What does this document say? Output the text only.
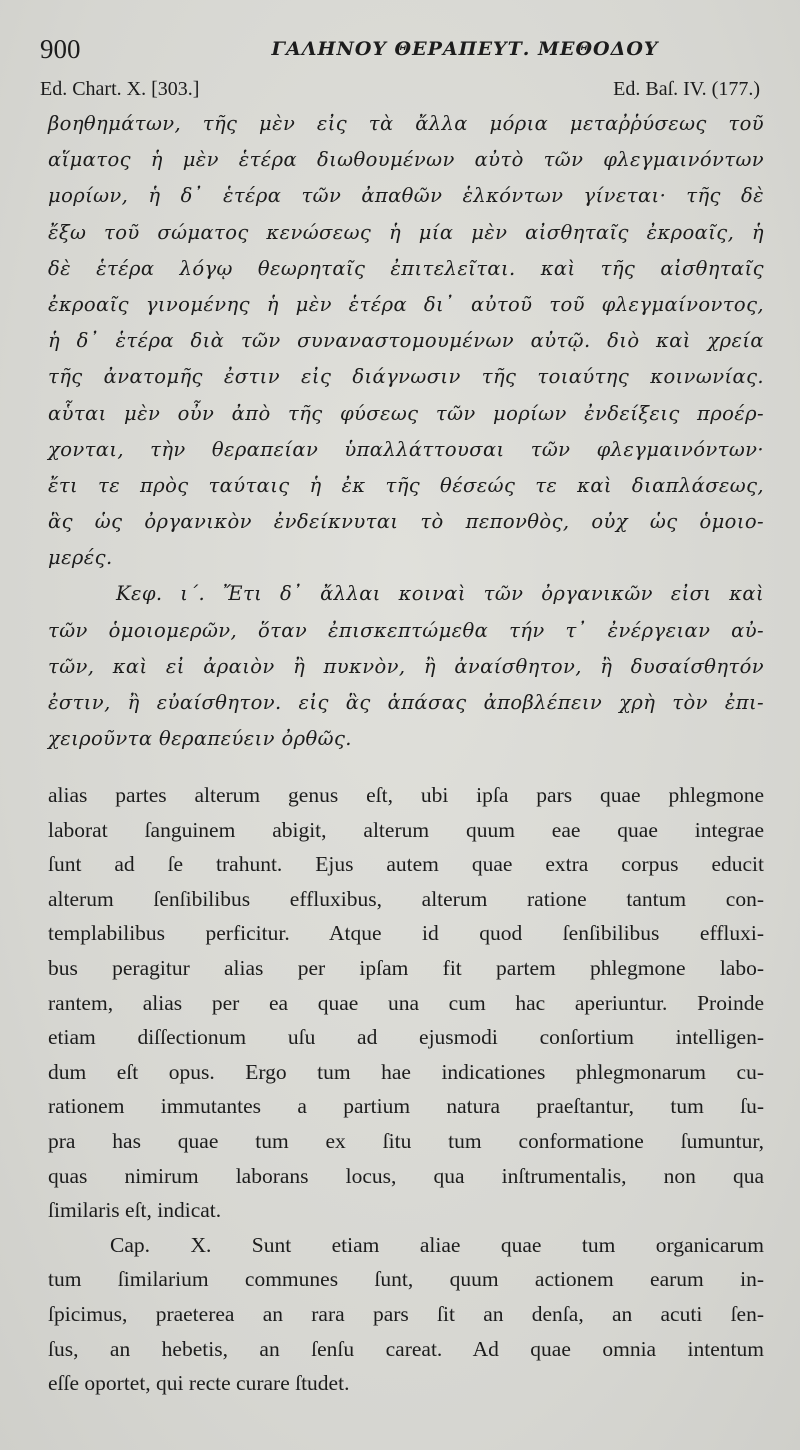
900	ΓΑΛΗΝΟΥ ΘΕΡΑΠΕΥΤ. ΜΕΘΟΔΟΥ
Ed. Chart. X. [303.]	Ed. Baſ. IV. (177.)
βοηθημάτων, τῆς μὲν εἰς τὰ ἄλλα μόρια μεταῤῥύσεως τοῦ
αἵματος ἡ μὲν ἑτέρα διωθουμένων αὐτὸ τῶν φλεγμαινόντων
μορίων, ἡ δ᾽ ἑτέρα τῶν ἀπαθῶν ἑλκόντων γίνεται· τῆς δὲ
ἔξω τοῦ σώματος κενώσεως ἡ μία μὲν αἰσθηταῖς ἐκροαῖς, ἡ
δὲ ἑτέρα λόγῳ θεωρηταῖς ἐπιτελεῖται. καὶ τῆς αἰσθηταῖς
ἐκροαῖς γινομένης ἡ μὲν ἑτέρα δι᾽ αὐτοῦ τοῦ φλεγμαίνοντος,
ἡ δ᾽ ἑτέρα διὰ τῶν συναναστομουμένων αὐτῷ. διὸ καὶ χρεία
τῆς ἀνατομῆς ἐστιν εἰς διάγνωσιν τῆς τοιαύτης κοινωνίας.
αὗται μὲν οὖν ἀπὸ τῆς φύσεως τῶν μορίων ἐνδείξεις προέρ-
χονται, τὴν θεραπείαν ὑπαλλάττουσαι τῶν φλεγμαινόντων·
ἔτι τε πρὸς ταύταις ἡ ἐκ τῆς θέσεώς τε καὶ διαπλάσεως,
ἃς ὡς ὀργανικὸν ἐνδείκνυται τὸ πεπονθὸς, οὐχ ὡς ὁμοιο-
μερές.
Κεφ. ι΄. Ἔτι δ᾽ ἄλλαι κοιναὶ τῶν ὀργανικῶν εἰσι καὶ
τῶν ὁμοιομερῶν, ὅταν ἐπισκεπτώμεθα τήν τ᾽ ἐνέργειαν αὐ-
τῶν, καὶ εἰ ἀραιὸν ἢ πυκνὸν, ἢ ἀναίσθητον, ἢ δυσαίσθητόν
ἐστιν, ἢ εὐαίσθητον. εἰς ἃς ἁπάσας ἀποβλέπειν χρὴ τὸν ἐπι-
χειροῦντα θεραπεύειν ὀρθῶς.
alias partes alterum genus eſt, ubi ipſa pars quae phlegmone
laborat ſanguinem abigit, alterum quum eae quae integrae
ſunt ad ſe trahunt. Ejus autem quae extra corpus educit
alterum ſenſibilibus effluxibus, alterum ratione tantum con-
templabilibus perficitur. Atque id quod ſenſibilibus effluxi-
bus peragitur alias per ipſam fit partem phlegmone labo-
rantem, alias per ea quae una cum hac aperiuntur. Proinde
etiam diſſectionum uſu ad ejusmodi conſortium intelligen-
dum eſt opus. Ergo tum hae indicationes phlegmonarum cu-
rationem immutantes a partium natura praeſtantur, tum ſu-
pra has quae tum ex ſitu tum conformatione ſumuntur,
quas nimirum laborans locus, qua inſtrumentalis, non qua
ſimilaris eſt, indicat.
Cap. X. Sunt etiam aliae quae tum organicarum
tum ſimilarium communes ſunt, quum actionem earum in-
ſpicimus, praeterea an rara pars ſit an denſa, an acuti ſen-
ſus, an hebetis, an ſenſu careat. Ad quae omnia intentum
eſſe oportet, qui recte curare ſtudet.
